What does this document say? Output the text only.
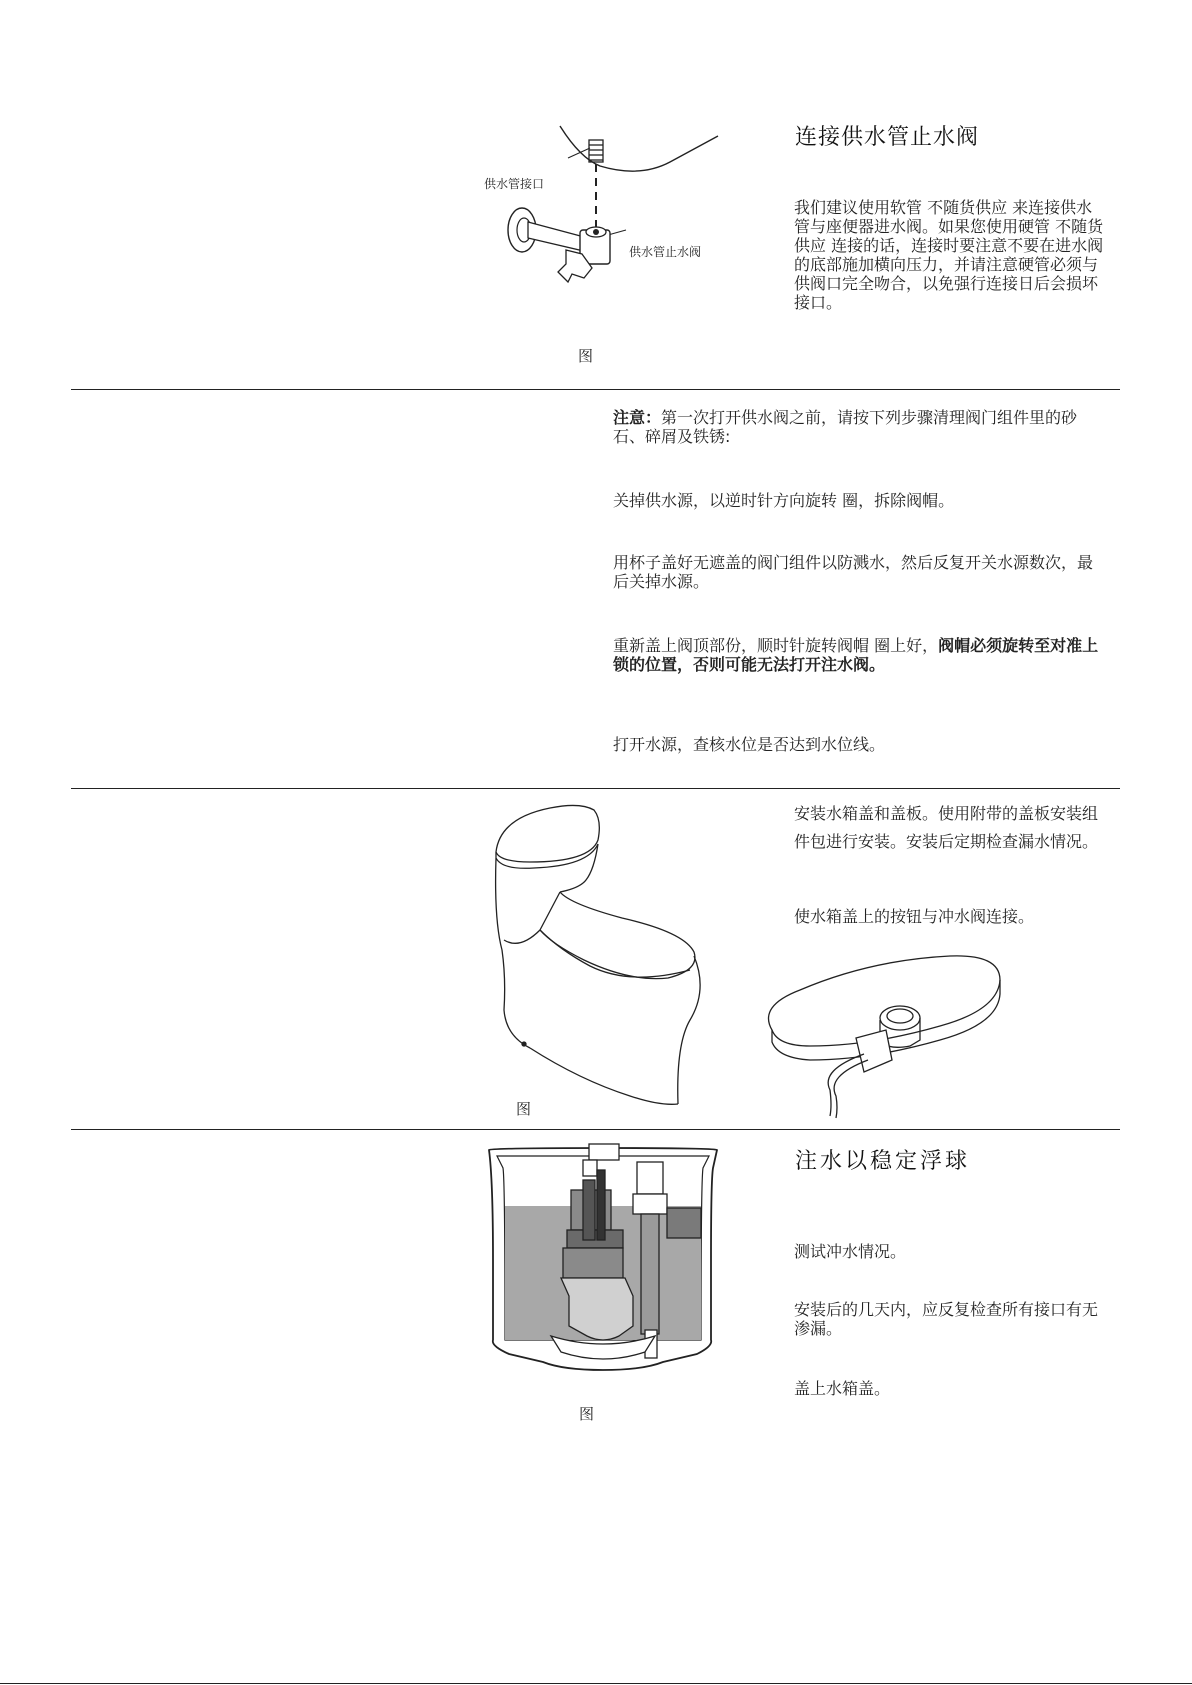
供水管接口
供水管止水阀
图
连接供水管止水阀
我们建议使用软管 不随货供应 来连接供水管与座便器进水阀。如果您使用硬管 不随货供应 连接的话，连接时要注意不要在进水阀的底部施加横向压力，并请注意硬管必须与供阀口完全吻合，以免强行连接日后会损坏接口。
注意：第一次打开供水阀之前，请按下列步骤清理阀门组件里的砂石、碎屑及铁锈:
关掉供水源，以逆时针方向旋转 圈，拆除阀帽。
用杯子盖好无遮盖的阀门组件以防溅水，然后反复开关水源数次，最后关掉水源。
重新盖上阀顶部份，顺时针旋转阀帽 圈上好，阀帽必须旋转至对准上锁的位置，否则可能无法打开注水阀。
打开水源，查核水位是否达到水位线。
图
安装水箱盖和盖板。使用附带的盖板安装组件包进行安装。安装后定期检查漏水情况。
使水箱盖上的按钮与冲水阀连接。
图
注水以稳定浮球
测试冲水情况。
安装后的几天内，应反复检查所有接口有无渗漏。
盖上水箱盖。
